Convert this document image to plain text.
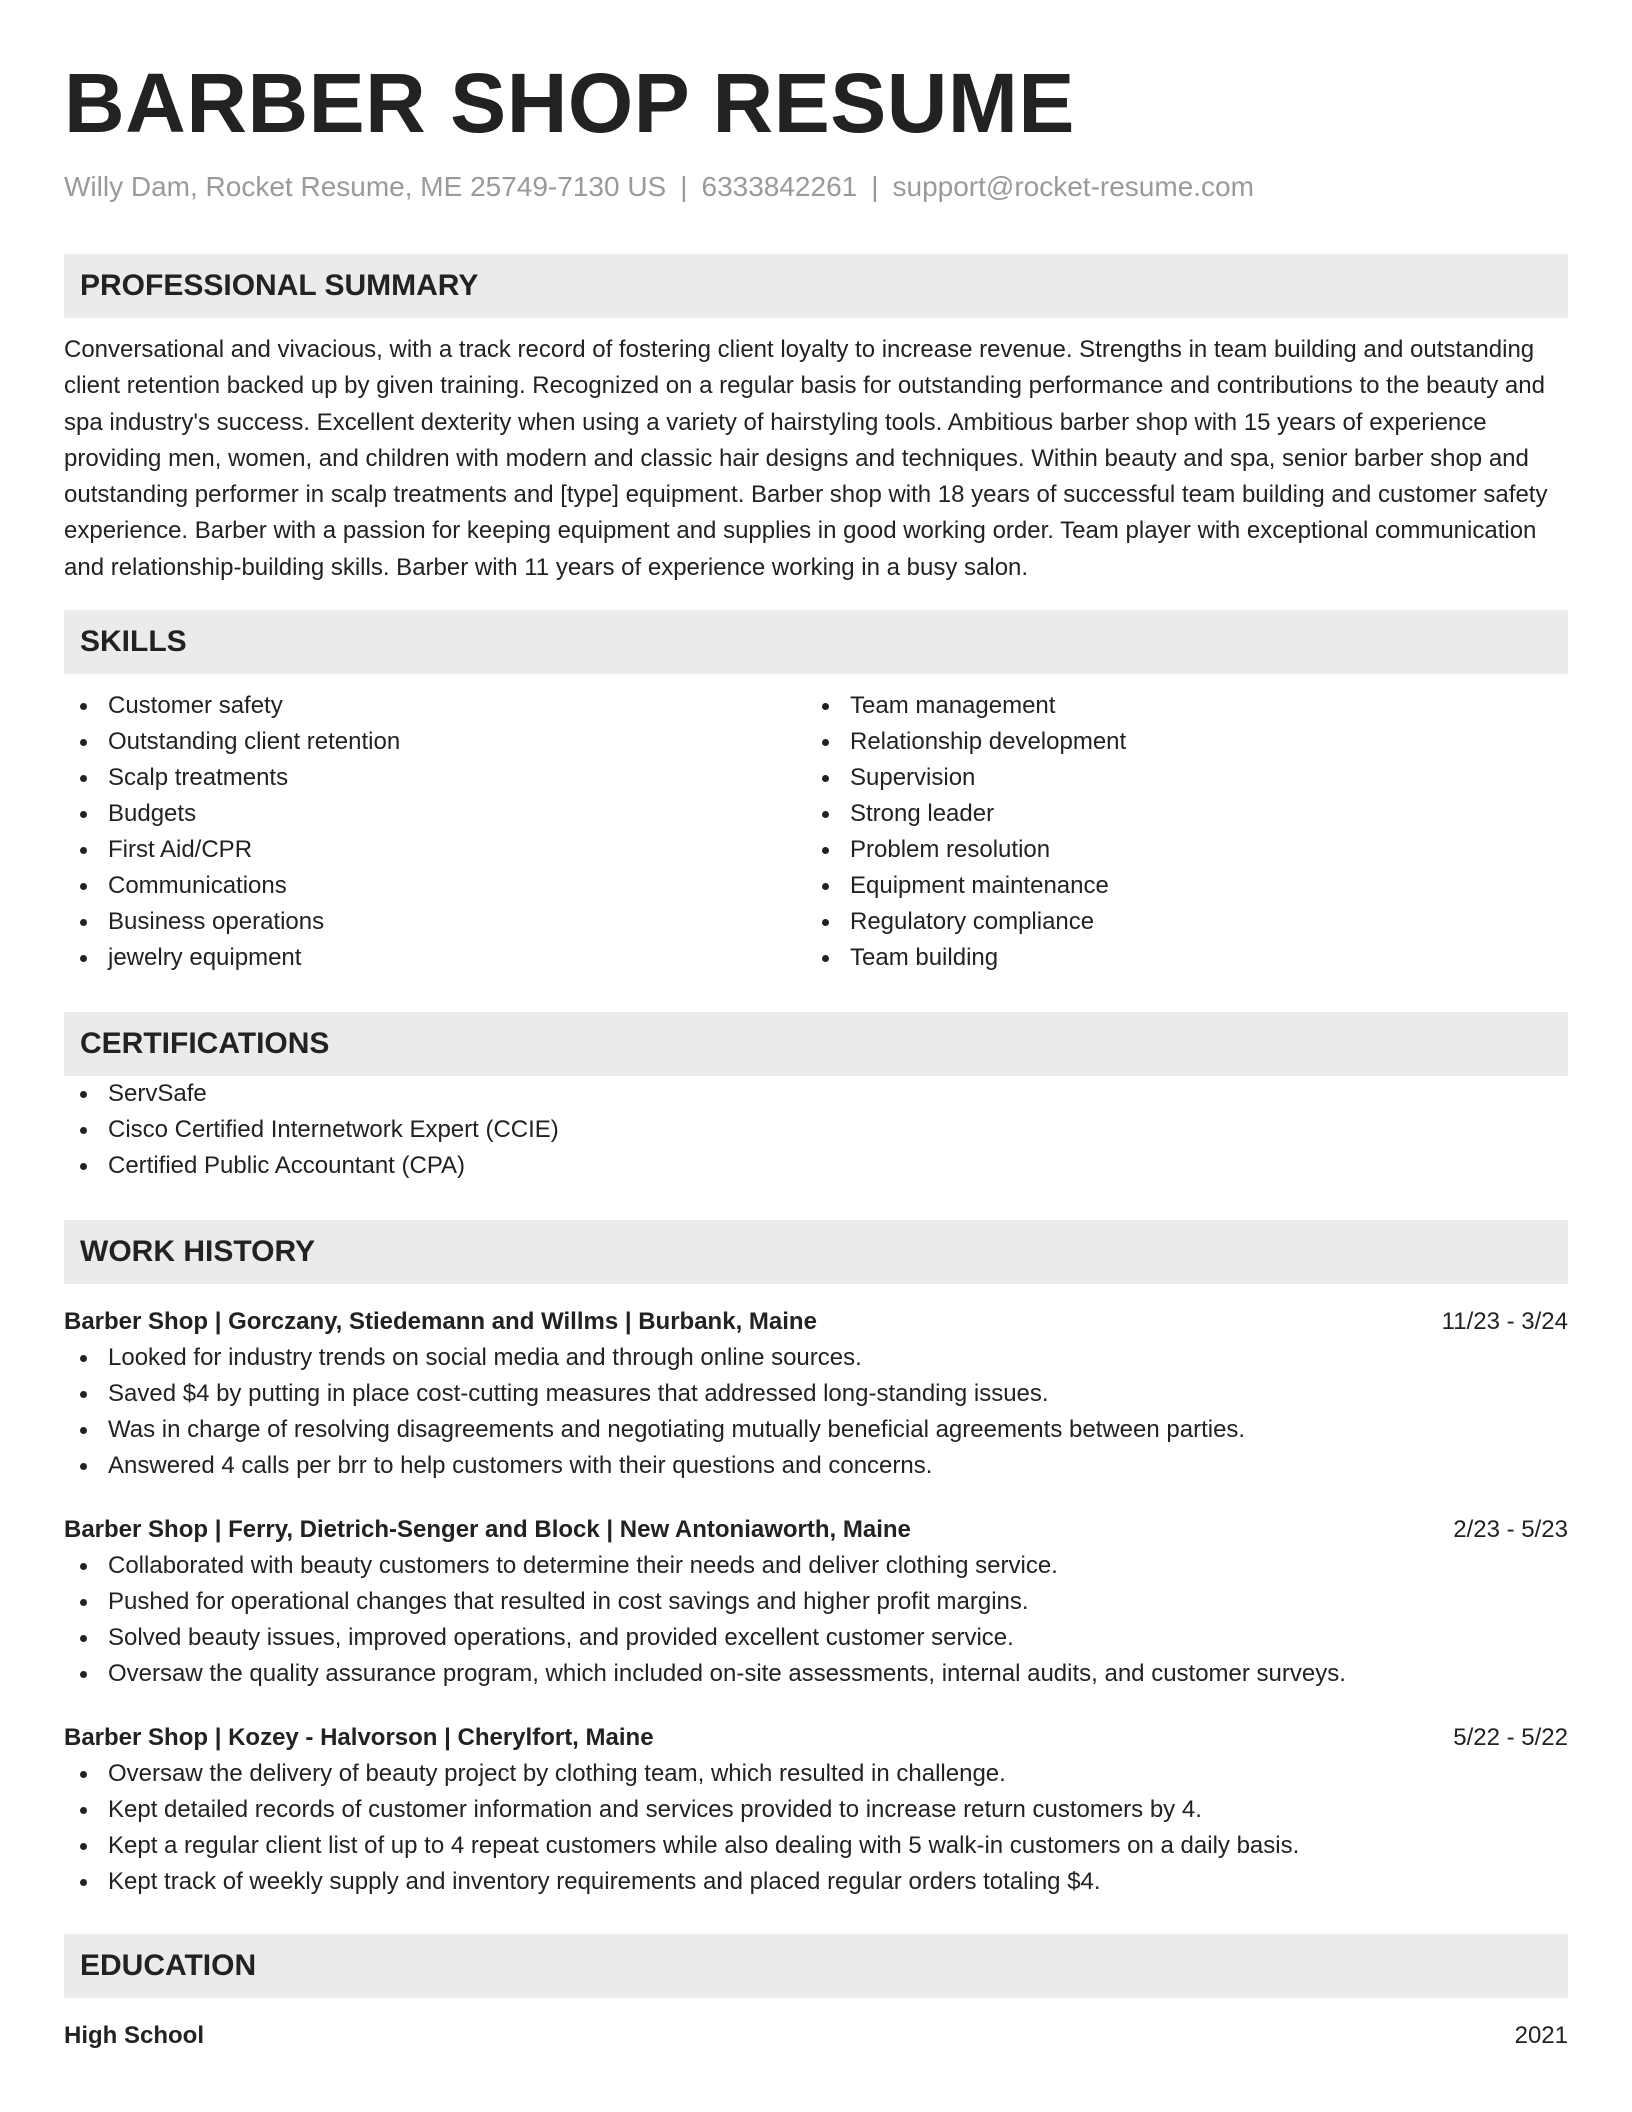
BARBER SHOP RESUME
Willy Dam, Rocket Resume, ME 25749-7130 US | 6333842261 | support@rocket-resume.com
PROFESSIONAL SUMMARY

Conversational and vivacious, with a track record of fostering client loyalty to increase revenue. Strengths in team building and outstanding client retention backed up by given training. Recognized on a regular basis for outstanding performance and contributions to the beauty and spa industry's success. Excellent dexterity when using a variety of hairstyling tools. Ambitious barber shop with 15 years of experience providing men, women, and children with modern and classic hair designs and techniques. Within beauty and spa, senior barber shop and outstanding performer in scalp treatments and [type] equipment. Barber shop with 18 years of successful team building and customer safety experience. Barber with a passion for keeping equipment and supplies in good working order. Team player with exceptional communication and relationship-building skills. Barber with 11 years of experience working in a busy salon.

SKILLS
Customer safety
Outstanding client retention
Scalp treatments
Budgets
First Aid/CPR
Communications
Business operations
jewelry equipment
Team management
Relationship development
Supervision
Strong leader
Problem resolution
Equipment maintenance
Regulatory compliance
Team building
CERTIFICATIONS
ServSafe
Cisco Certified Internetwork Expert (CCIE)
Certified Public Accountant (CPA)
WORK HISTORY
Barber Shop | Gorczany, Stiedemann and Willms | Burbank, Maine	11/23 - 3/24
Looked for industry trends on social media and through online sources.
Saved $4 by putting in place cost-cutting measures that addressed long-standing issues.
Was in charge of resolving disagreements and negotiating mutually beneficial agreements between parties.
Answered 4 calls per brr to help customers with their questions and concerns.
Barber Shop | Ferry, Dietrich-Senger and Block | New Antoniaworth, Maine	2/23 - 5/23
Collaborated with beauty customers to determine their needs and deliver clothing service.
Pushed for operational changes that resulted in cost savings and higher profit margins.
Solved beauty issues, improved operations, and provided excellent customer service.
Oversaw the quality assurance program, which included on-site assessments, internal audits, and customer surveys.
Barber Shop | Kozey - Halvorson | Cherylfort, Maine	5/22 - 5/22
Oversaw the delivery of beauty project by clothing team, which resulted in challenge.
Kept detailed records of customer information and services provided to increase return customers by 4.
Kept a regular client list of up to 4 repeat customers while also dealing with 5 walk-in customers on a daily basis.
Kept track of weekly supply and inventory requirements and placed regular orders totaling $4.
EDUCATION
High School	2021
